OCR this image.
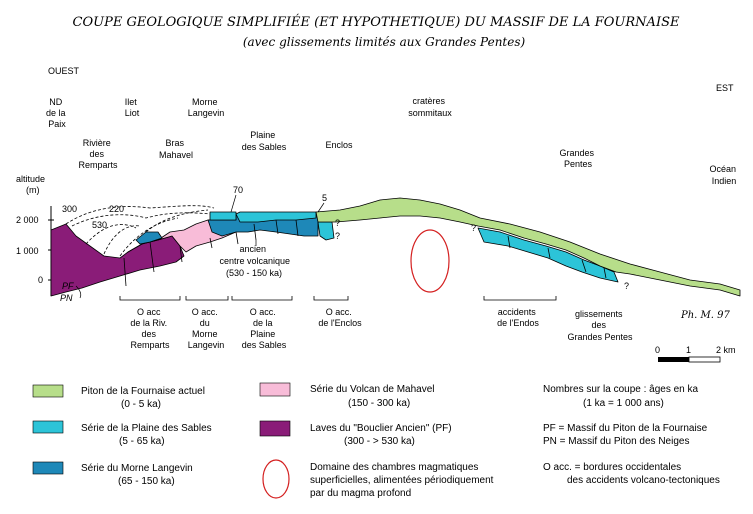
COUPE GEOLOGIQUE SIMPLIFIÉE (ET HYPOTHETIQUE) DU MASSIF DE LA FOURNAISE
(avec glissements limités aux Grandes Pentes)
OUEST
EST
altitude
(m)
2 000
1 000
0
ND de la Paix
Rivière des Remparts
Ilet Liot
Bras Mahavel
Morne Langevin
Plaine des Sables	Enclos
cratères sommitaux
Grandes Pentes	Océan Indien
300
530
220
70
5
?
?
?
?
PF
PN
ancien centre volcanique (530 - 150 ka)
O acc de la Riv. des Remparts
O acc. du Morne Langevin
O acc. de la Plaine des Sables
O acc. de l'Enclos
accidents de l'Endos
glissements des Grandes Pentes
Ph. M. 97
0	1	2 km
Piton de la Fournaise actuel
(0 - 5 ka)
Série de la Plaine des Sables
(5 - 65 ka)
Série du Morne Langevin
(65 - 150 ka)
Série du Volcan de Mahavel
(150 - 300 ka)
Laves du "Bouclier Ancien" (PF)
(300 - > 530 ka)
Domaine des chambres magmatiques superficielles, alimentées périodiquement par du magma profond
Nombres sur la coupe : âges en ka (1 ka = 1 000 ans)
PF = Massif du Piton de la Fournaise
PN = Massif du Piton des Neiges
O acc. = bordures occidentales des accidents volcano-tectoniques
